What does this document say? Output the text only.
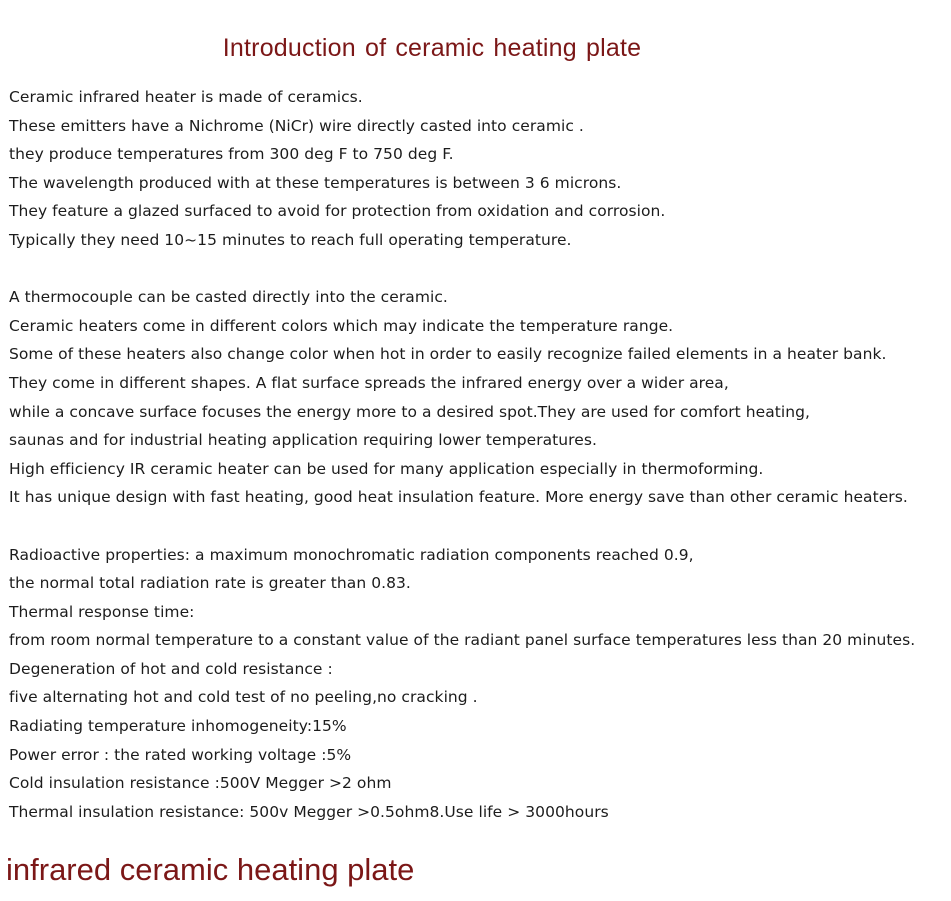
Introduction of ceramic heating plate
Ceramic infrared heater is made of ceramics.
These emitters have a Nichrome (NiCr) wire directly casted into ceramic .
they produce temperatures from 300 deg F to 750 deg F.
The wavelength produced with at these temperatures is between 3 6 microns.
They feature a glazed surfaced to avoid for protection from oxidation and corrosion.
Typically they need 10~15 minutes to reach full operating temperature.
A thermocouple can be casted directly into the ceramic.
Ceramic heaters come in different colors which may indicate the temperature range.
Some of these heaters also change color when hot in order to easily recognize failed elements in a heater bank.
They come in different shapes. A flat surface spreads the infrared energy over a wider area,
while a concave surface focuses the energy more to a desired spot.They are used for comfort heating,
saunas and for industrial heating application requiring lower temperatures.
High efficiency IR ceramic heater can be used for many application especially in thermoforming.
It has unique design with fast heating, good heat insulation feature. More energy save than other ceramic heaters.
Radioactive properties: a maximum monochromatic radiation components reached 0.9,
the normal total radiation rate is greater than 0.83.
Thermal response time:
from room normal temperature to a constant value of the radiant panel surface temperatures less than 20 minutes.
Degeneration of hot and cold resistance :
five alternating hot and cold test of no peeling,no cracking .
Radiating temperature inhomogeneity:15%
Power error : the rated working voltage :5%
Cold insulation resistance :500V Megger >2 ohm
Thermal insulation resistance: 500v Megger >0.5ohm8.Use life > 3000hours
infrared ceramic heating plate
